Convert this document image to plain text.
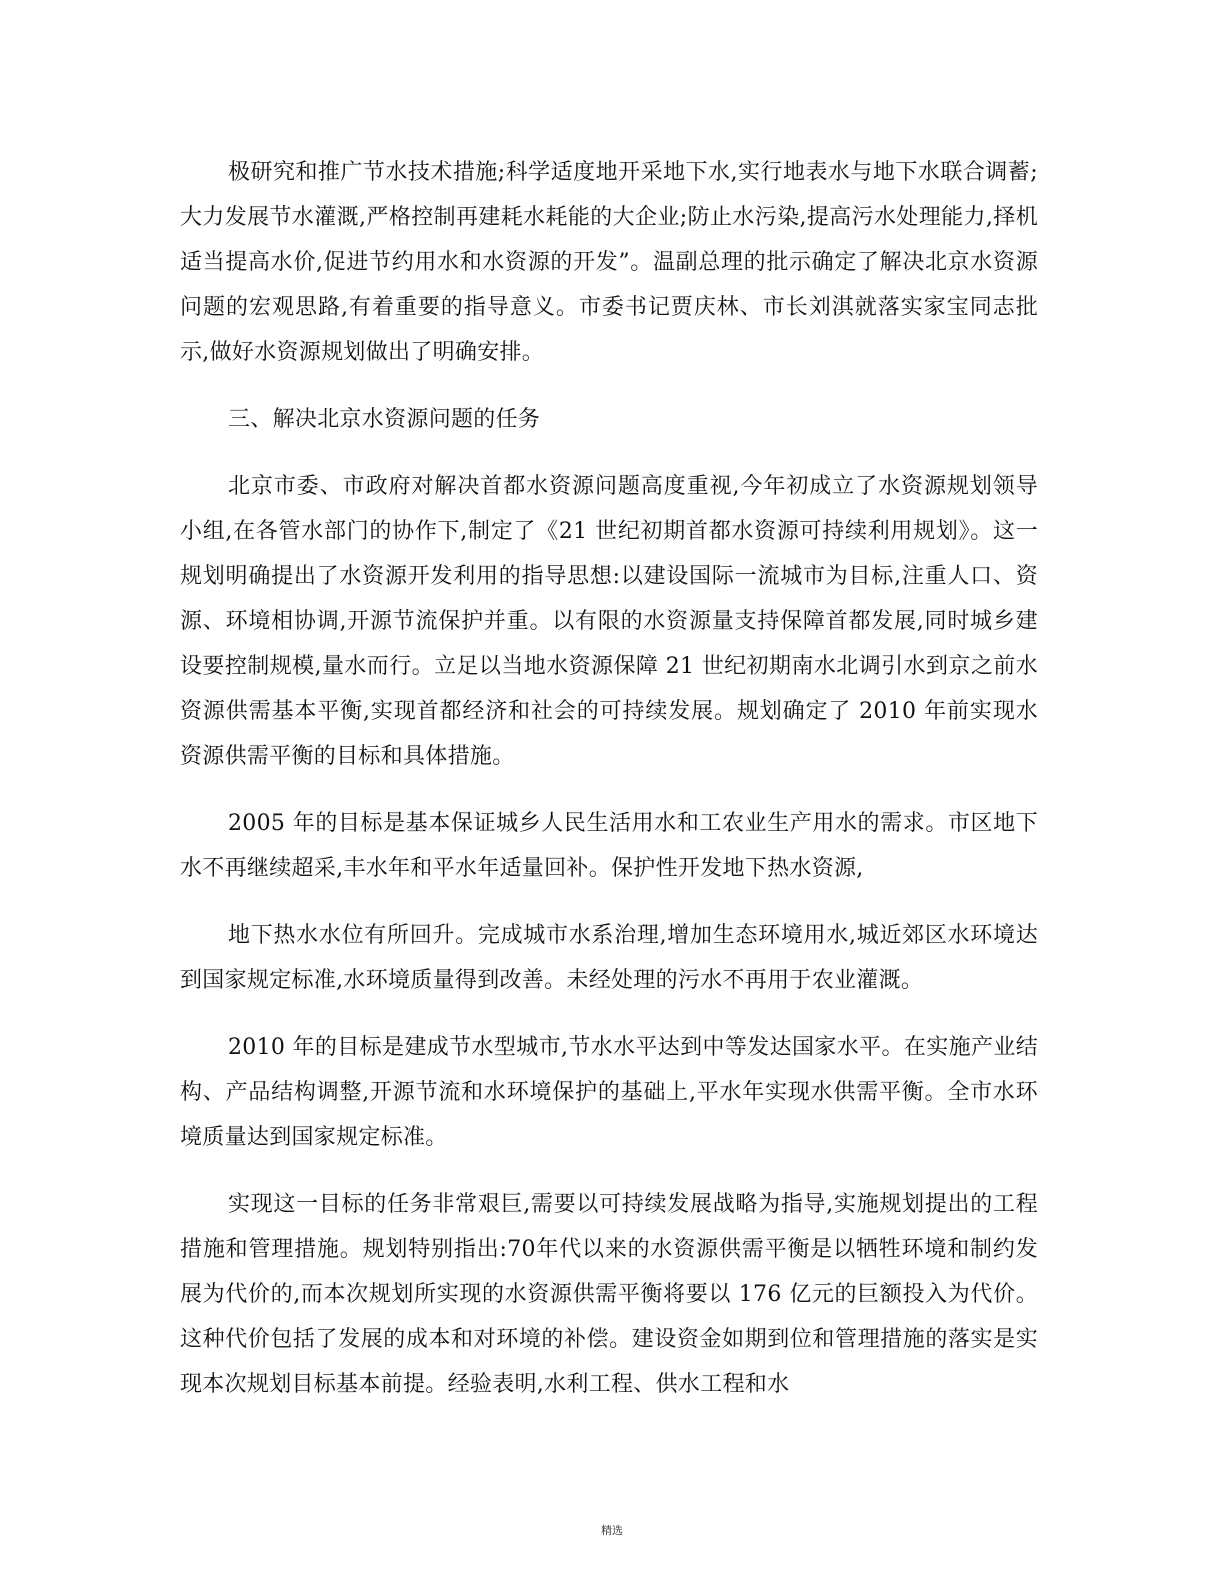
极研究和推广节水技术措施;科学适度地开采地下水,实行地表水与地下水联合调蓄;大力发展节水灌溉,严格控制再建耗水耗能的大企业;防止水污染,提高污水处理能力,择机适当提高水价,促进节约用水和水资源的开发”。温副总理的批示确定了解决北京水资源问题的宏观思路,有着重要的指导意义。市委书记贾庆林、市长刘淇就落实家宝同志批示,做好水资源规划做出了明确安排。

三、解决北京水资源问题的任务

北京市委、市政府对解决首都水资源问题高度重视,今年初成立了水资源规划领导小组,在各管水部门的协作下,制定了《21 世纪初期首都水资源可持续利用规划》。这一规划明确提出了水资源开发利用的指导思想:以建设国际一流城市为目标,注重人口、资源、环境相协调,开源节流保护并重。以有限的水资源量支持保障首都发展,同时城乡建设要控制规模,量水而行。立足以当地水资源保障 21 世纪初期南水北调引水到京之前水资源供需基本平衡,实现首都经济和社会的可持续发展。规划确定了 2010 年前实现水资源供需平衡的目标和具体措施。

2005 年的目标是基本保证城乡人民生活用水和工农业生产用水的需求。市区地下水不再继续超采,丰水年和平水年适量回补。保护性开发地下热水资源,

地下热水水位有所回升。完成城市水系治理,增加生态环境用水,城近郊区水环境达到国家规定标准,水环境质量得到改善。未经处理的污水不再用于农业灌溉。

2010 年的目标是建成节水型城市,节水水平达到中等发达国家水平。在实施产业结构、产品结构调整,开源节流和水环境保护的基础上,平水年实现水供需平衡。全市水环境质量达到国家规定标准。

实现这一目标的任务非常艰巨,需要以可持续发展战略为指导,实施规划提出的工程措施和管理措施。规划特别指出:70年代以来的水资源供需平衡是以牺牲环境和制约发展为代价的,而本次规划所实现的水资源供需平衡将要以 176 亿元的巨额投入为代价。这种代价包括了发展的成本和对环境的补偿。建设资金如期到位和管理措施的落实是实现本次规划目标基本前提。经验表明,水利工程、供水工程和水

精选
